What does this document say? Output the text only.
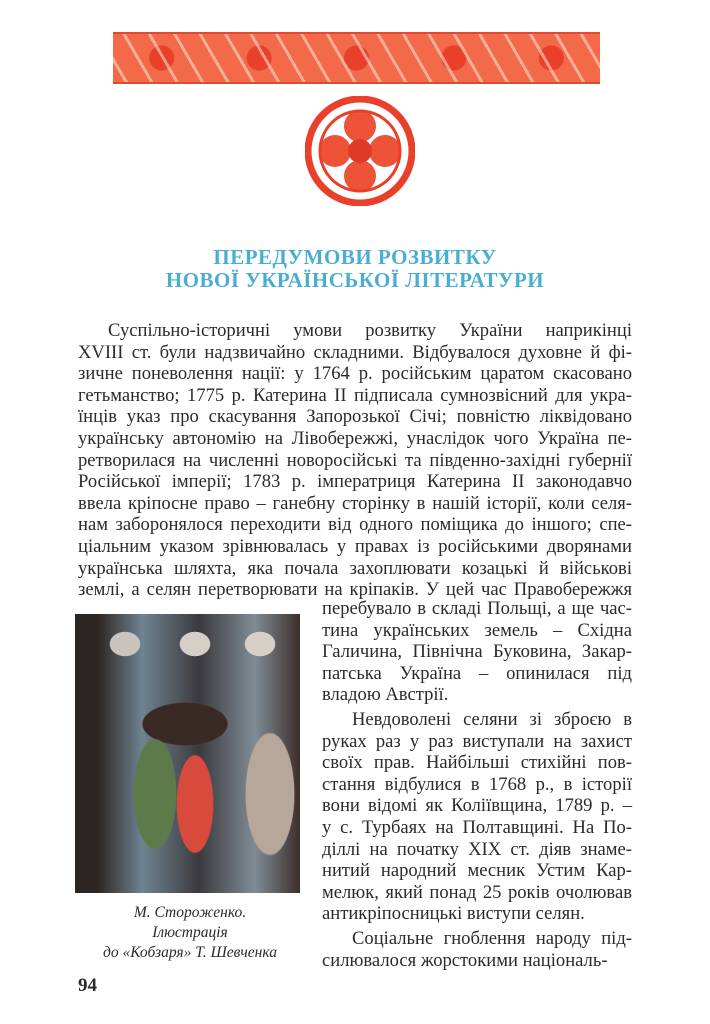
ПЕРЕДУМОВИ РОЗВИТКУ
НОВОЇ УКРАЇНСЬКОЇ ЛІТЕРАТУРИ
Суспільно-історичні умови розвитку України наприкінці
XVIII ст. були надзвичайно складними. Відбувалося духовне й фі-
зичне поневолення нації: у 1764 р. російським царатом скасовано
гетьманство; 1775 р. Катерина II підписала сумнозвісний для укра-
їнців указ про скасування Запорозької Січі; повністю ліквідовано
українську автономію на Лівобережжі, унаслідок чого Україна пе-
ретворилася на численні новоросійські та південно-західні губернії
Російської імперії; 1783 р. імператриця Катерина II законодавчо
ввела кріпосне право – ганебну сторінку в нашій історії, коли селя-
нам заборонялося переходити від одного поміщика до іншого; спе-
ціальним указом зрівнювалась у правах із російськими дворянами
українська шляхта, яка почала захоплювати козацькі й військові
землі, а селян перетворювати на кріпаків. У цей час Правобережжя
перебувало в складі Польщі, а ще час-
тина українських земель – Східна
Галичина, Північна Буковина, Закар-
патська Україна – опинилася під
владою Австрії.
Невдоволені селяни зі зброєю в
руках раз у раз виступали на захист
своїх прав. Найбільші стихійні пов-
стання відбулися в 1768 р., в історії
вони відомі як Коліївщина, 1789 р. –
у с. Турбаях на Полтавщині. На По-
діллі на початку XIX ст. діяв знаме-
нитий народний месник Устим Кар-
мелюк, який понад 25 років очолював
антикріпосницькі виступи селян.
Соціальне гноблення народу під-
силювалося жорстокими національ-
М. Стороженко.
Ілюстрація
до «Кобзаря» Т. Шевченка
94
